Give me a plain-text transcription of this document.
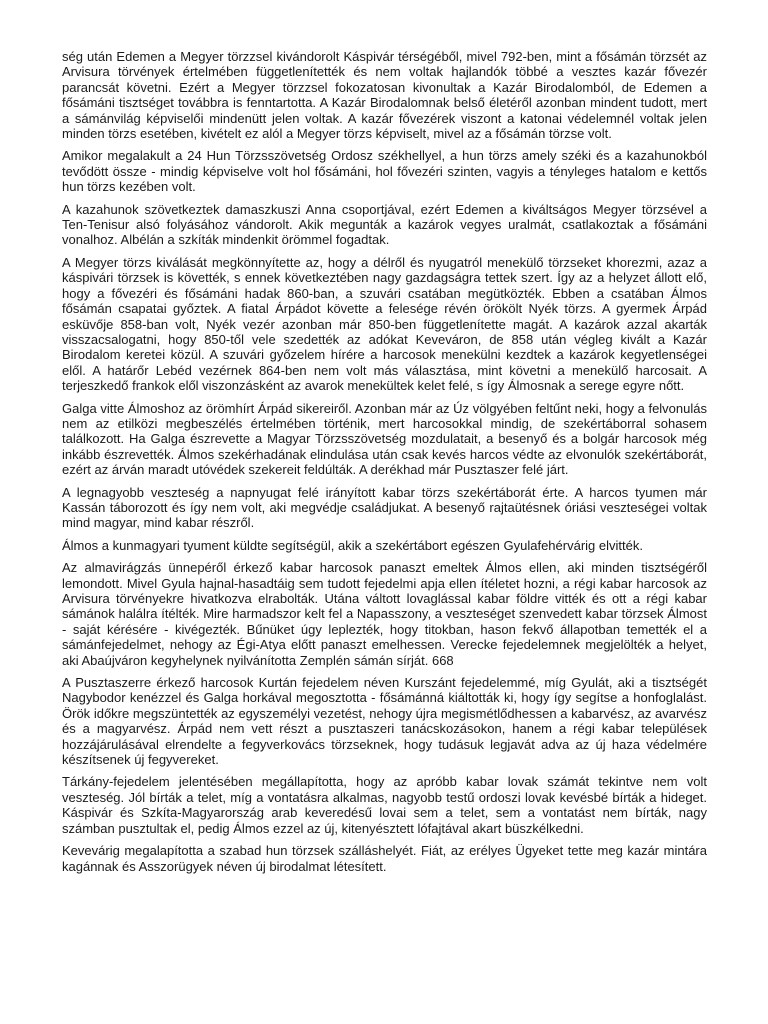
ség után Edemen a Megyer törzzsel kivándorolt Káspivár térségéből, mivel 792-ben, mint a fősámán törzsét az Arvisura törvények értelmében függetlenítették és nem voltak hajlandók többé a vesztes kazár fővezér parancsát követni. Ezért a Megyer törzzsel fokozatosan kivonultak a Kazár Birodalomból, de Edemen a fősámáni tisztséget továbbra is fenntartotta. A Kazár Birodalomnak belső életéről azonban mindent tudott, mert a sámánvilág képviselői mindenütt jelen voltak. A kazár fővezérek viszont a katonai védelemnél voltak jelen minden törzs esetében, kivételt ez alól a Megyer törzs képviselt, mivel az a fősámán törzse volt.

Amikor megalakult a 24 Hun Törzsszövetség Ordosz székhellyel, a hun törzs amely széki és a kazahunokból tevődött össze - mindig képviselve volt hol fősámáni, hol fővezéri szinten, vagyis a tényleges hatalom e kettős hun törzs kezében volt.

A kazahunok szövetkeztek damaszkuszi Anna csoportjával, ezért Edemen a kiváltságos Megyer törzsével a Ten-Tenisur alsó folyásához vándorolt. Akik megunták a kazárok vegyes uralmát, csatlakoztak a fősámáni vonalhoz. Albélán a szkíták mindenkit örömmel fogadtak.

A Megyer törzs kiválását megkönnyítette az, hogy a délről és nyugatról menekülő törzseket khorezmi, azaz a káspivári törzsek is követték, s ennek következtében nagy gazdagságra tettek szert. Így az a helyzet állott elő, hogy a fővezéri és fősámáni hadak 860-ban, a szuvári csatában megütközték. Ebben a csatában Álmos fősámán csapatai győztek. A fiatal Árpádot követte a felesége révén örökölt Nyék törzs. A gyermek Árpád esküvője 858-ban volt, Nyék vezér azonban már 850-ben függetlenítette magát. A kazárok azzal akarták visszacsalogatni, hogy 850-től vele szedették az adókat Keveváron, de 858 után végleg kivált a Kazár Birodalom keretei közül. A szuvári győzelem hírére a harcosok menekülni kezdtek a kazárok kegyetlenségei elől. A határőr Lebéd vezérnek 864-ben nem volt más választása, mint követni a menekülő harcosait. A terjeszkedő frankok elől viszonzásként az avarok menekültek kelet felé, s így Álmosnak a serege egyre nőtt.

Galga vitte Álmoshoz az örömhírt Árpád sikereiről. Azonban már az Úz völgyében feltűnt neki, hogy a felvonulás nem az etilközi megbeszélés értelmében történik, mert harcosokkal mindig, de szekértáborral sohasem találkozott. Ha Galga észrevette a Magyar Törzsszövetség mozdulatait, a besenyő és a bolgár harcosok még inkább észrevették. Álmos szekérhadának elindulása után csak kevés harcos védte az elvonulók szekértáborát, ezért az árván maradt utóvédek szekereit feldúlták. A derékhad már Pusztaszer felé járt.

A legnagyobb veszteség a napnyugat felé irányított kabar törzs szekértáborát érte. A harcos tyumen már Kassán táborozott és így nem volt, aki megvédje családjukat. A besenyő rajtaütésnek óriási veszteségei voltak mind magyar, mind kabar részről.

Álmos a kunmagyari tyument küldte segítségül, akik a szekértábort egészen Gyulafehérvárig elvitték.

Az almavirágzás ünnepéről érkező kabar harcosok panaszt emeltek Álmos ellen, aki minden tisztségéről lemondott. Mivel Gyula hajnal-hasadtáig sem tudott fejedelmi apja ellen ítéletet hozni, a régi kabar harcosok az Arvisura törvényekre hivatkozva elrabolták. Utána váltott lovaglással kabar földre vitték és ott a régi kabar sámánok halálra ítélték. Mire harmadszor kelt fel a Napasszony, a veszteséget szenvedett kabar törzsek Álmost - saját kérésére - kivégezték. Bűnüket úgy leplezték, hogy titokban, hason fekvő állapotban temették el a sámánfejedelmet, nehogy az Égi-Atya előtt panaszt emelhessen. Verecke fejedelemnek megjelölték a helyet, aki Abaújváron kegyhelynek nyilvánította Zemplén sámán sírját. 668

A Pusztaszerre érkező harcosok Kurtán fejedelem néven Kurszánt fejedelemmé, míg Gyulát, aki a tisztségét Nagybodor kenézzel és Galga horkával megosztotta - fősámánná kiáltották ki, hogy így segítse a honfoglalást. Örök időkre megszüntették az egyszemélyi vezetést, nehogy újra megismétlődhessen a kabarvész, az avarvész és a magyarvész. Árpád nem vett részt a pusztaszeri tanácskozásokon, hanem a régi kabar települések hozzájárulásával elrendelte a fegyverkovács törzseknek, hogy tudásuk legjavát adva az új haza védelmére készítsenek új fegyvereket.

Tárkány-fejedelem jelentésében megállapította, hogy az apróbb kabar lovak számát tekintve nem volt veszteség. Jól bírták a telet, míg a vontatásra alkalmas, nagyobb testű ordoszi lovak kevésbé bírták a hideget. Káspivár és Szkíta-Magyarország arab keveredésű lovai sem a telet, sem a vontatást nem bírták, nagy számban pusztultak el, pedig Álmos ezzel az új, kitenyésztett lófajtával akart büszkélkedni.

Kevevárig megalapította a szabad hun törzsek szálláshelyét. Fiát, az erélyes Ügyeket tette meg kazár mintára kagánnak és Asszorügyek néven új birodalmat létesített.
